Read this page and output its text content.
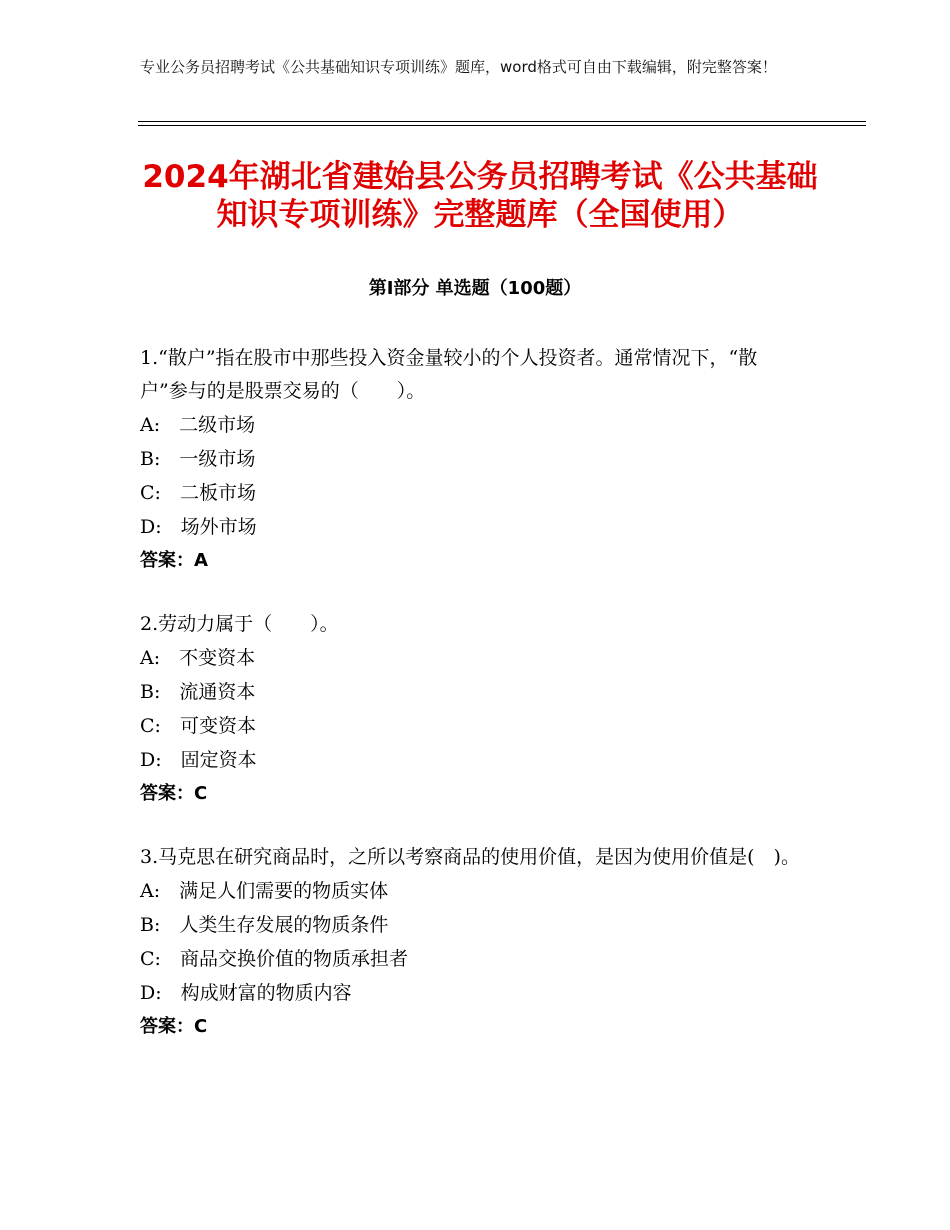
专业公务员招聘考试《公共基础知识专项训练》题库，word格式可自由下载编辑，附完整答案！
2024年湖北省建始县公务员招聘考试《公共基础知识专项训练》完整题库（全国使用）
第Ⅰ部分 单选题（100题）

1.“散户”指在股市中那些投入资金量较小的个人投资者。通常情况下，“散户”参与的是股票交易的（　　）。

A:　二级市场

B:　一级市场

C:　二板市场

D:　场外市场

答案：A

2.劳动力属于（　　）。

A:　不变资本

B:　流通资本

C:　可变资本

D:　固定资本

答案：C

3.马克思在研究商品时，之所以考察商品的使用价值，是因为使用价值是(　)。

A:　满足人们需要的物质实体

B:　人类生存发展的物质条件

C:　商品交换价值的物质承担者

D:　构成财富的物质内容

答案：C
